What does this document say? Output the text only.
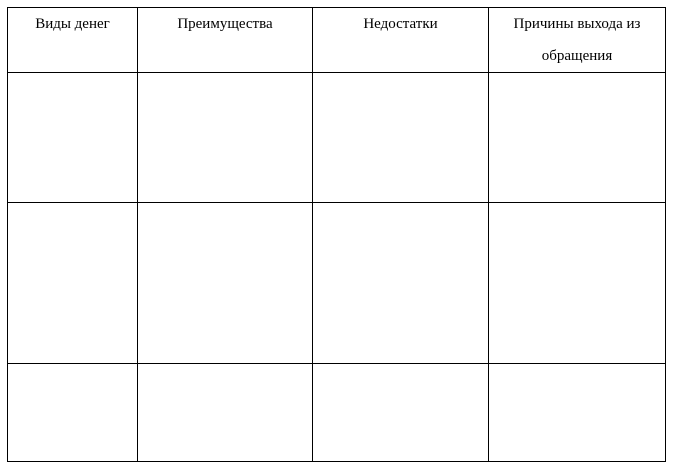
Виды денег	Преимущества	Недостатки	Причины выхода из обращения
